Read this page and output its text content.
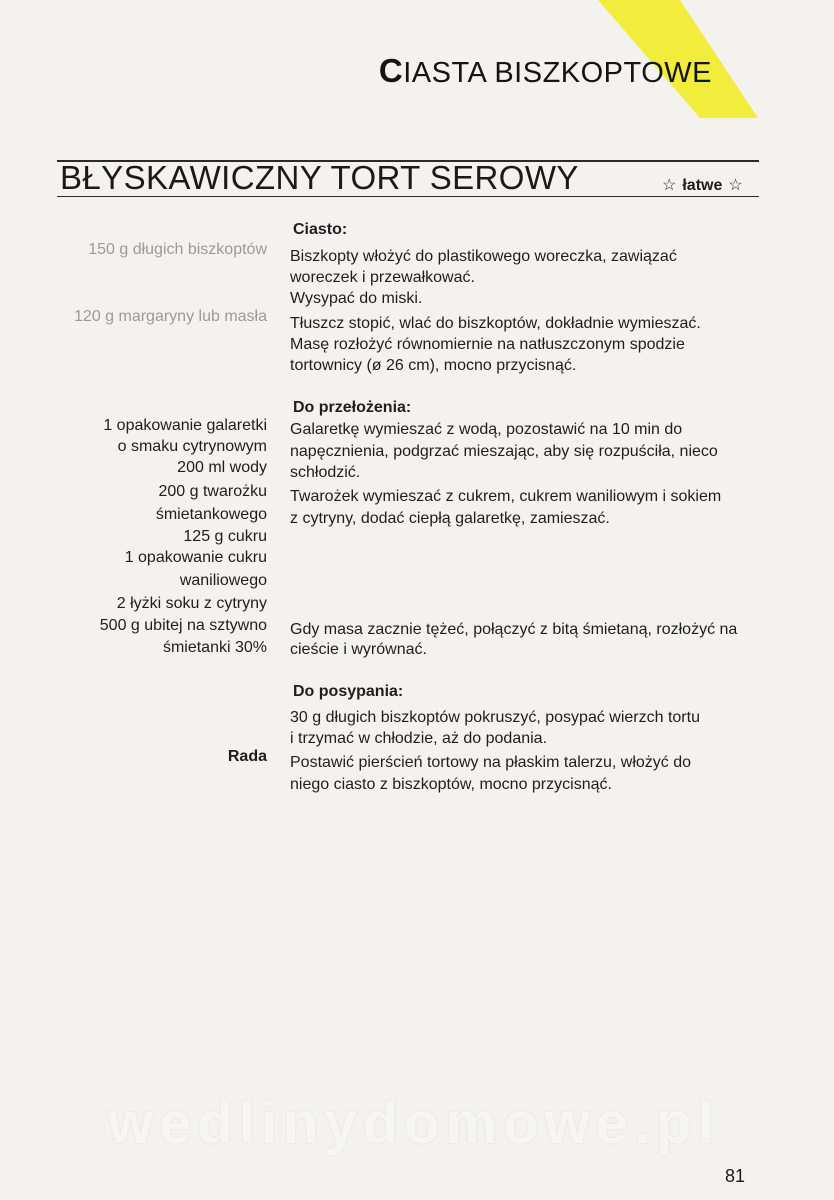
CIASTA BISZKOPTOWE
BŁYSKAWICZNY TORT SEROWY	☆ łatwe ☆
Ciasto:
150 g długich biszkoptów
120 g margaryny lub masła
Biszkopty włożyć do plastikowego woreczka, zawiązać
woreczek i przewałkować.
Wysypać do miski.
Tłuszcz stopić, wlać do biszkoptów, dokładnie wymieszać.
Masę rozłożyć równomiernie na natłuszczonym spodzie
tortownicy (ø 26 cm), mocno przycisnąć.
Do przełożenia:
1 opakowanie galaretki
o smaku cytrynowym
200 ml wody
200 g twarożku
śmietankowego
125 g cukru
1 opakowanie cukru
waniliowego
2 łyżki soku z cytryny
500 g ubitej na sztywno
śmietanki 30%
Galaretkę wymieszać z wodą, pozostawić na 10 min do
napęcznienia, podgrzać mieszając, aby się rozpuściła, nieco
schłodzić.
Twarożek wymieszać z cukrem, cukrem waniliowym i sokiem
z cytryny, dodać ciepłą galaretkę, zamieszać.
Gdy masa zacznie tężeć, połączyć z bitą śmietaną, rozłożyć na
cieście i wyrównać.
Do posypania:
30 g długich biszkoptów pokruszyć, posypać wierzch tortu
i trzymać w chłodzie, aż do podania.
Rada Postawić pierścień tortowy na płaskim talerzu, włożyć do
niego ciasto z biszkoptów, mocno przycisnąć.
wedlinydomowe.pl
81
